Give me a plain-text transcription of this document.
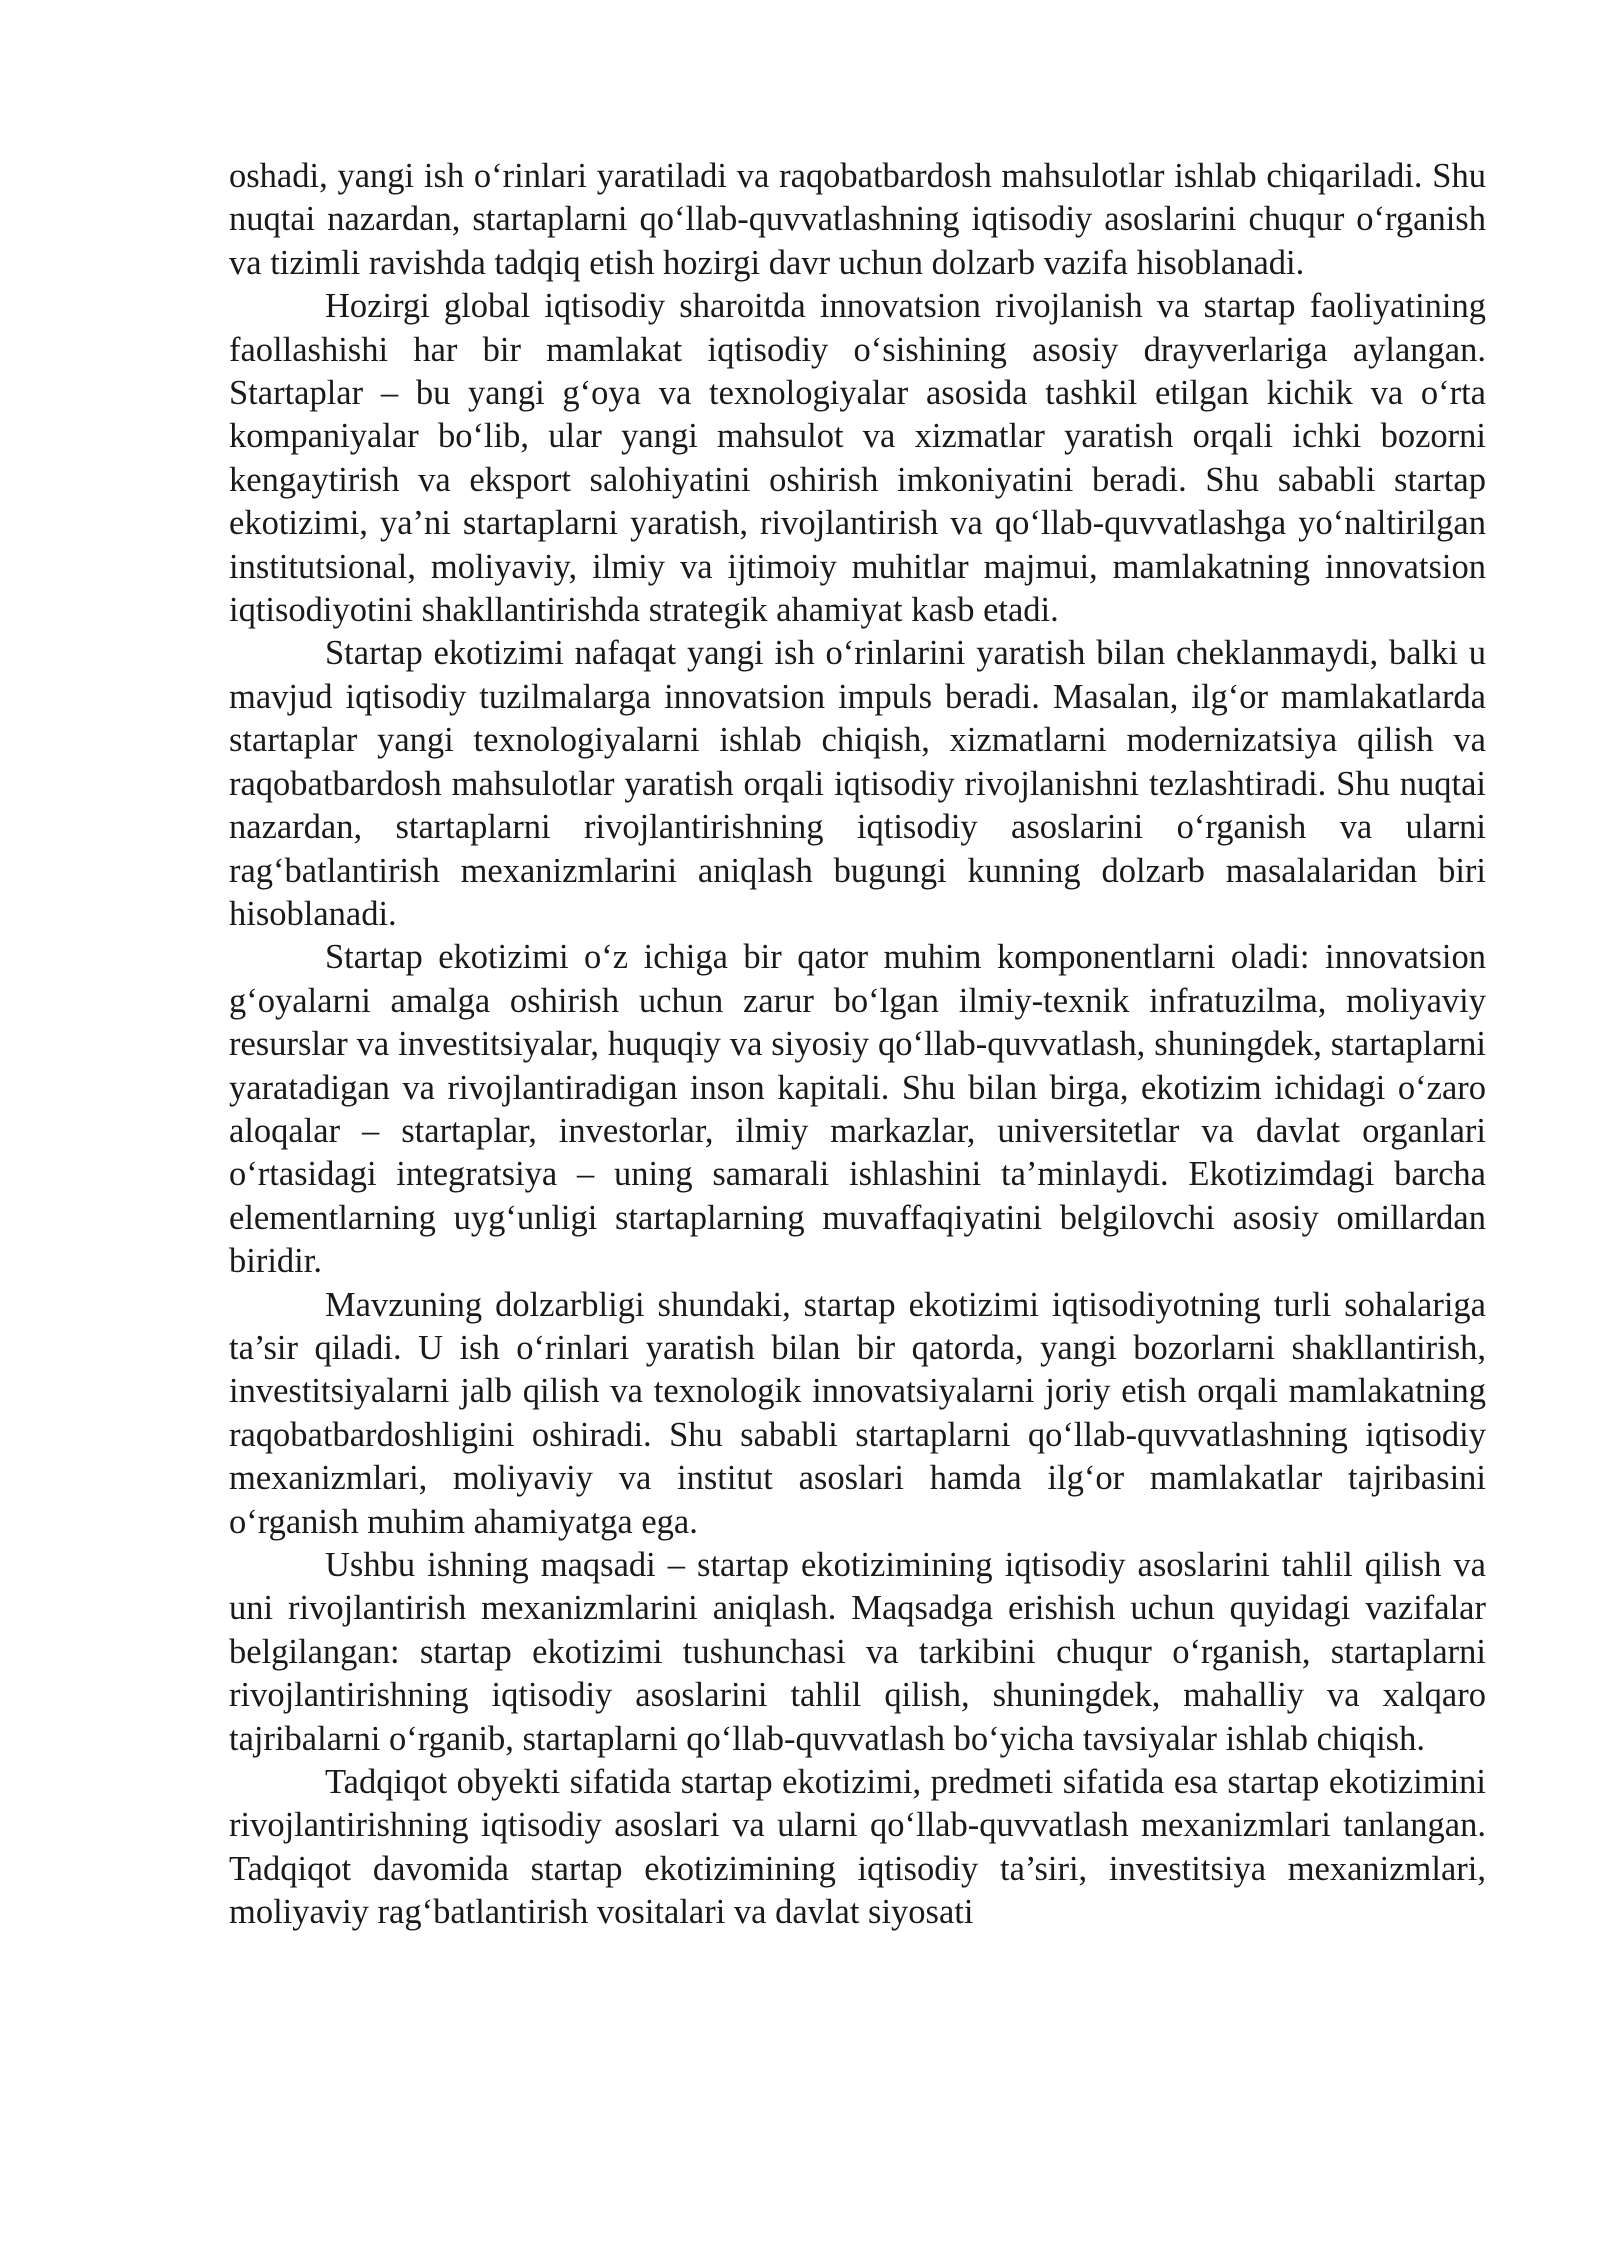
oshadi, yangi ish o‘rinlari yaratiladi va raqobatbardosh mahsulotlar ishlab chiqariladi. Shu nuqtai nazardan, startaplarni qo‘llab-quvvatlashning iqtisodiy asoslarini chuqur o‘rganish va tizimli ravishda tadqiq etish hozirgi davr uchun dolzarb vazifa hisoblanadi.

Hozirgi global iqtisodiy sharoitda innovatsion rivojlanish va startap faoliyatining faollashishi har bir mamlakat iqtisodiy o‘sishining asosiy drayverlariga aylangan. Startaplar – bu yangi g‘oya va texnologiyalar asosida tashkil etilgan kichik va o‘rta kompaniyalar bo‘lib, ular yangi mahsulot va xizmatlar yaratish orqali ichki bozorni kengaytirish va eksport salohiyatini oshirish imkoniyatini beradi. Shu sababli startap ekotizimi, ya’ni startaplarni yaratish, rivojlantirish va qo‘llab-quvvatlashga yo‘naltirilgan institutsional, moliyaviy, ilmiy va ijtimoiy muhitlar majmui, mamlakatning innovatsion iqtisodiyotini shakllantirishda strategik ahamiyat kasb etadi.

Startap ekotizimi nafaqat yangi ish o‘rinlarini yaratish bilan cheklanmaydi, balki u mavjud iqtisodiy tuzilmalarga innovatsion impuls beradi. Masalan, ilg‘or mamlakatlarda startaplar yangi texnologiyalarni ishlab chiqish, xizmatlarni modernizatsiya qilish va raqobatbardosh mahsulotlar yaratish orqali iqtisodiy rivojlanishni tezlashtiradi. Shu nuqtai nazardan, startaplarni rivojlantirishning iqtisodiy asoslarini o‘rganish va ularni rag‘batlantirish mexanizmlarini aniqlash bugungi kunning dolzarb masalalaridan biri hisoblanadi.

Startap ekotizimi o‘z ichiga bir qator muhim komponentlarni oladi: innovatsion g‘oyalarni amalga oshirish uchun zarur bo‘lgan ilmiy-texnik infratuzilma, moliyaviy resurslar va investitsiyalar, huquqiy va siyosiy qo‘llab-quvvatlash, shuningdek, startaplarni yaratadigan va rivojlantiradigan inson kapitali. Shu bilan birga, ekotizim ichidagi o‘zaro aloqalar – startaplar, investorlar, ilmiy markazlar, universitetlar va davlat organlari o‘rtasidagi integratsiya – uning samarali ishlashini ta’minlaydi. Ekotizimdagi barcha elementlarning uyg‘unligi startaplarning muvaffaqiyatini belgilovchi asosiy omillardan biridir.

Mavzuning dolzarbligi shundaki, startap ekotizimi iqtisodiyotning turli sohalariga ta’sir qiladi. U ish o‘rinlari yaratish bilan bir qatorda, yangi bozorlarni shakllantirish, investitsiyalarni jalb qilish va texnologik innovatsiyalarni joriy etish orqali mamlakatning raqobatbardoshligini oshiradi. Shu sababli startaplarni qo‘llab-quvvatlashning iqtisodiy mexanizmlari, moliyaviy va institut asoslari hamda ilg‘or mamlakatlar tajribasini o‘rganish muhim ahamiyatga ega.

Ushbu ishning maqsadi – startap ekotizimining iqtisodiy asoslarini tahlil qilish va uni rivojlantirish mexanizmlarini aniqlash. Maqsadga erishish uchun quyidagi vazifalar belgilangan: startap ekotizimi tushunchasi va tarkibini chuqur o‘rganish, startaplarni rivojlantirishning iqtisodiy asoslarini tahlil qilish, shuningdek, mahalliy va xalqaro tajribalarni o‘rganib, startaplarni qo‘llab-quvvatlash bo‘yicha tavsiyalar ishlab chiqish.

Tadqiqot obyekti sifatida startap ekotizimi, predmeti sifatida esa startap ekotizimini rivojlantirishning iqtisodiy asoslari va ularni qo‘llab-quvvatlash mexanizmlari tanlangan. Tadqiqot davomida startap ekotizimining iqtisodiy ta’siri, investitsiya mexanizmlari, moliyaviy rag‘batlantirish vositalari va davlat siyosati
